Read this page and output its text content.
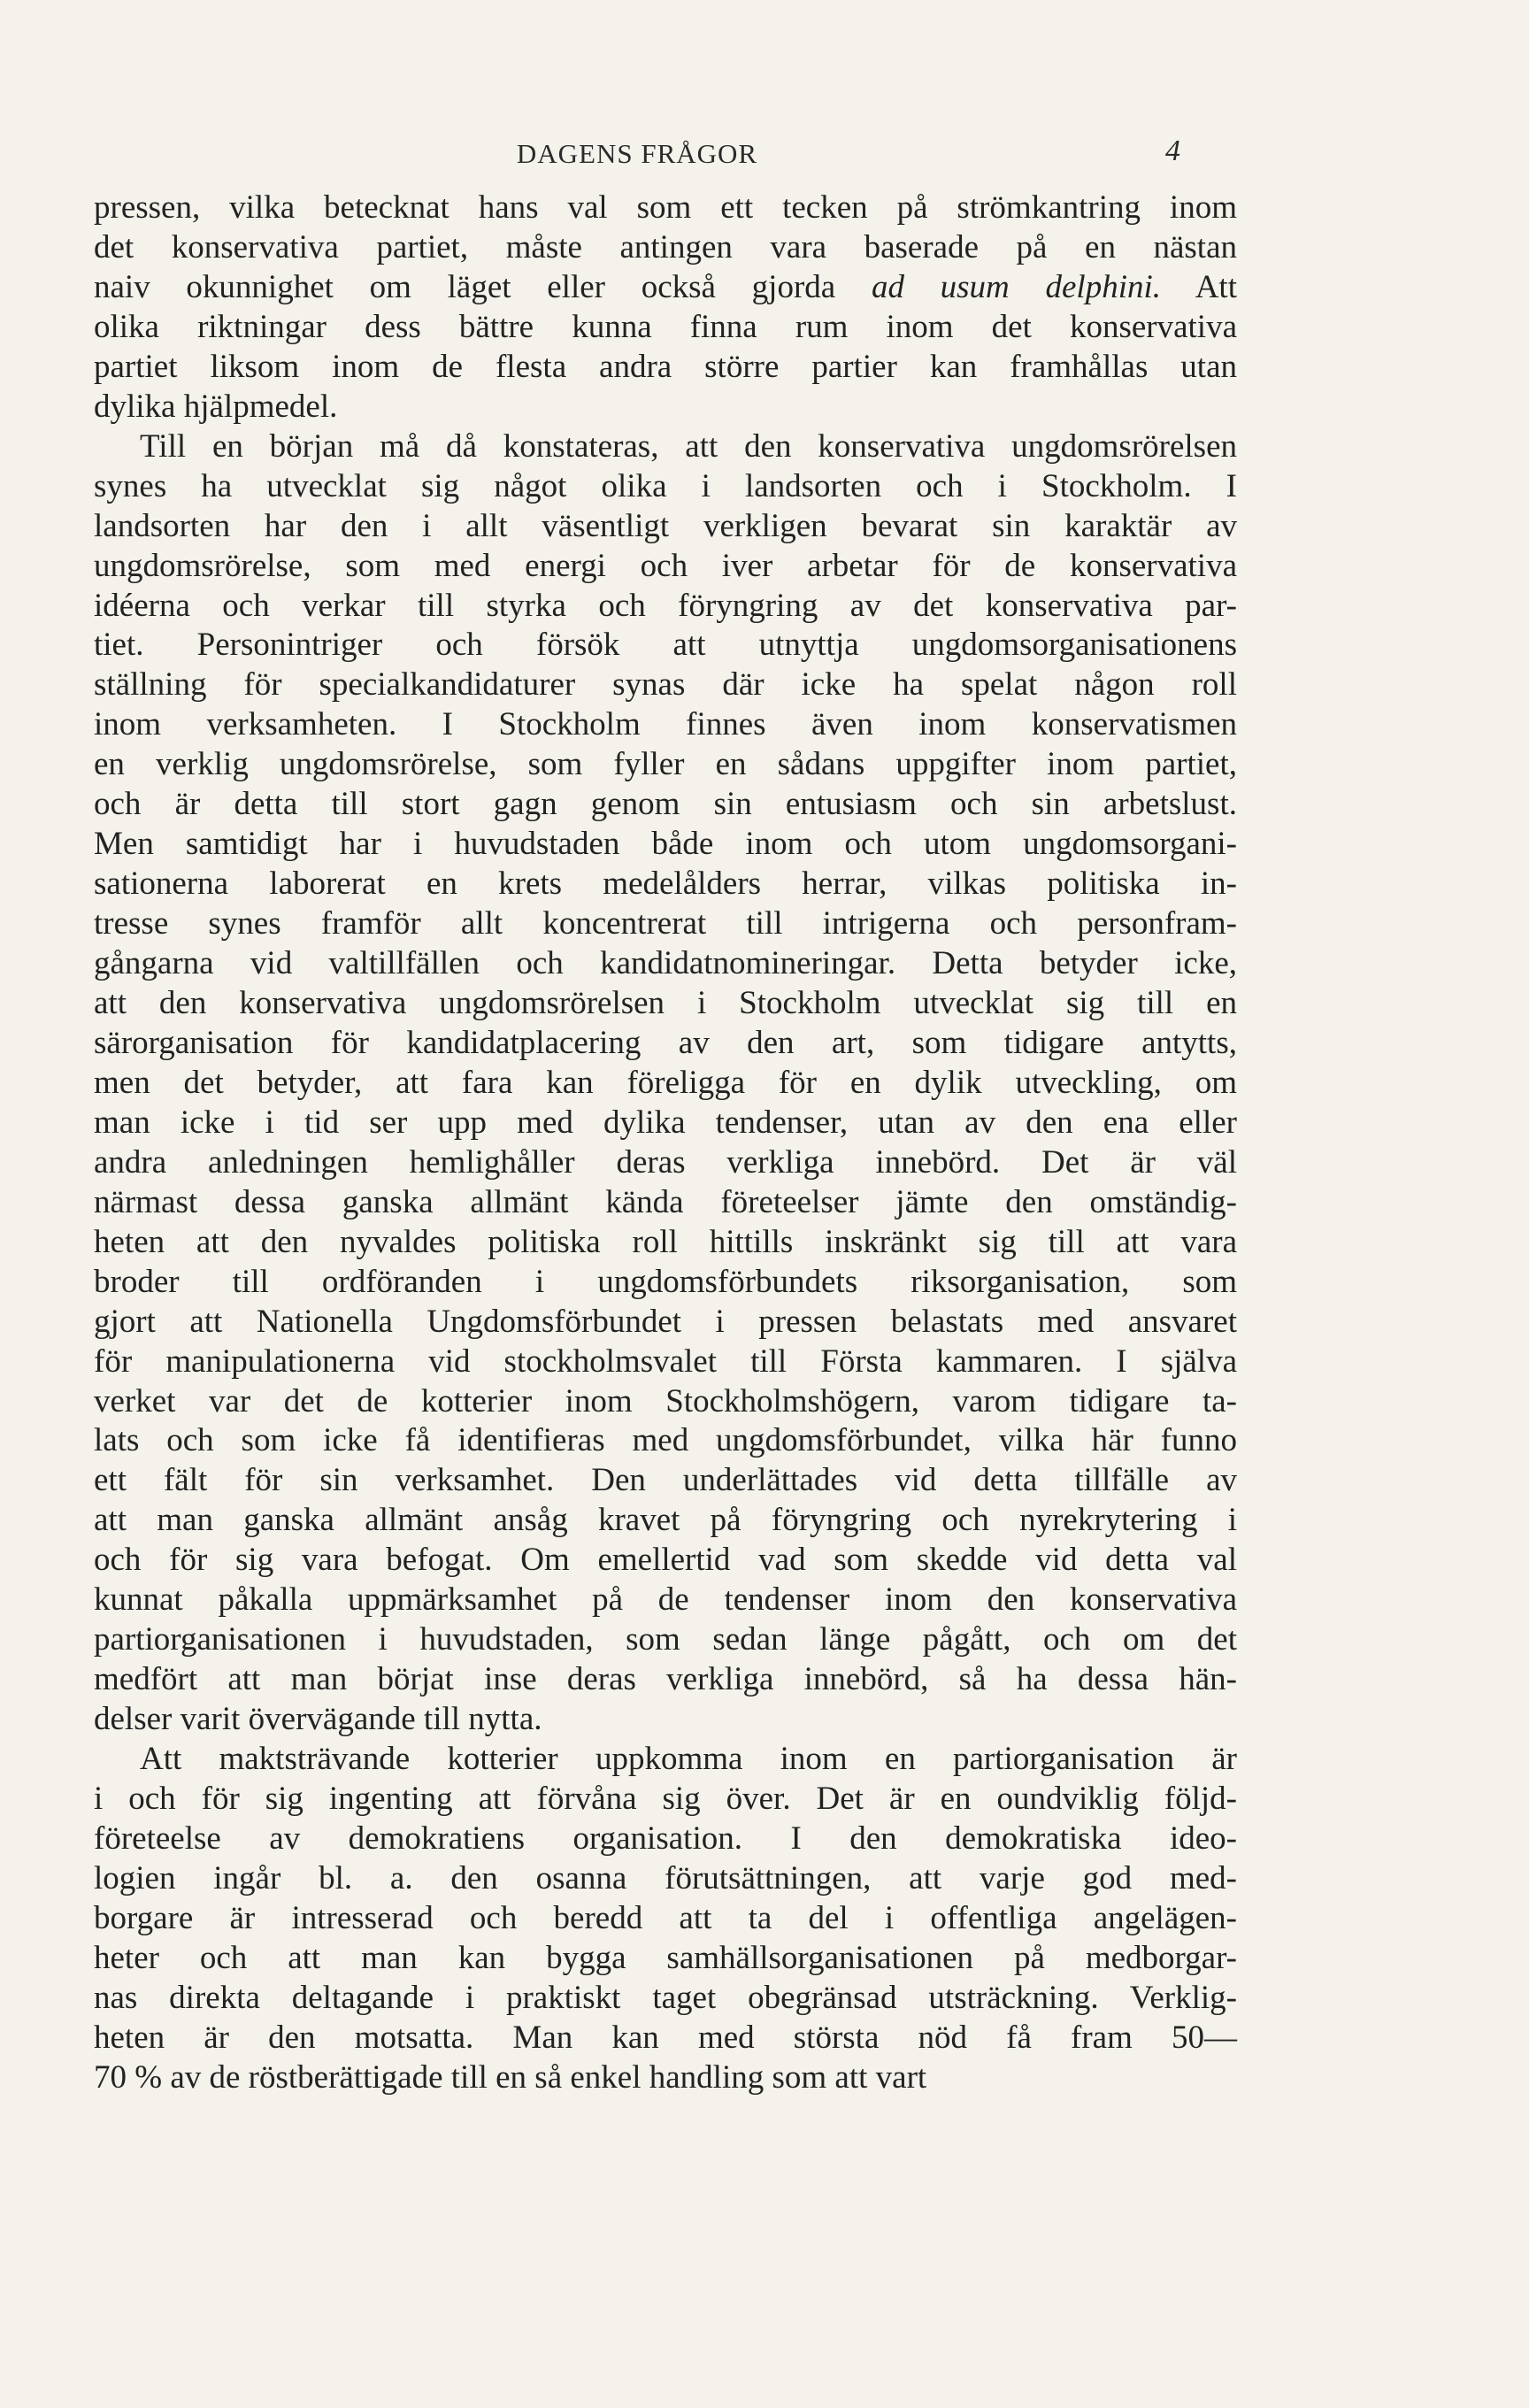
DAGENS FRÅGOR	4
pressen, vilka betecknat hans val som ett tecken på strömkantring inom
det konservativa partiet, måste antingen vara baserade på en nästan
naiv okunnighet om läget eller också gjorda ad usum delphini. Att
olika riktningar dess bättre kunna finna rum inom det konservativa
partiet liksom inom de flesta andra större partier kan framhållas utan
dylika hjälpmedel.
Till en början må då konstateras, att den konservativa ungdomsrörelsen
synes ha utvecklat sig något olika i landsorten och i Stockholm. I
landsorten har den i allt väsentligt verkligen bevarat sin karaktär av
ungdomsrörelse, som med energi och iver arbetar för de konservativa
idéerna och verkar till styrka och föryngring av det konservativa par-
tiet. Personintriger och försök att utnyttja ungdomsorganisationens
ställning för specialkandidaturer synas där icke ha spelat någon roll
inom verksamheten. I Stockholm finnes även inom konservatismen
en verklig ungdomsrörelse, som fyller en sådans uppgifter inom partiet,
och är detta till stort gagn genom sin entusiasm och sin arbetslust.
Men samtidigt har i huvudstaden både inom och utom ungdomsorgani-
sationerna laborerat en krets medelålders herrar, vilkas politiska in-
tresse synes framför allt koncentrerat till intrigerna och personfram-
gångarna vid valtillfällen och kandidatnomineringar. Detta betyder icke,
att den konservativa ungdomsrörelsen i Stockholm utvecklat sig till en
särorganisation för kandidatplacering av den art, som tidigare antytts,
men det betyder, att fara kan föreligga för en dylik utveckling, om
man icke i tid ser upp med dylika tendenser, utan av den ena eller
andra anledningen hemlighåller deras verkliga innebörd. Det är väl
närmast dessa ganska allmänt kända företeelser jämte den omständig-
heten att den nyvaldes politiska roll hittills inskränkt sig till att vara
broder till ordföranden i ungdomsförbundets riksorganisation, som
gjort att Nationella Ungdomsförbundet i pressen belastats med ansvaret
för manipulationerna vid stockholmsvalet till Första kammaren. I själva
verket var det de kotterier inom Stockholmshögern, varom tidigare ta-
lats och som icke få identifieras med ungdomsförbundet, vilka här funno
ett fält för sin verksamhet. Den underlättades vid detta tillfälle av
att man ganska allmänt ansåg kravet på föryngring och nyrekrytering i
och för sig vara befogat. Om emellertid vad som skedde vid detta val
kunnat påkalla uppmärksamhet på de tendenser inom den konservativa
partiorganisationen i huvudstaden, som sedan länge pågått, och om det
medfört att man börjat inse deras verkliga innebörd, så ha dessa hän-
delser varit övervägande till nytta.
Att maktsträvande kotterier uppkomma inom en partiorganisation är
i och för sig ingenting att förvåna sig över. Det är en oundviklig följd-
företeelse av demokratiens organisation. I den demokratiska ideo-
logien ingår bl. a. den osanna förutsättningen, att varje god med-
borgare är intresserad och beredd att ta del i offentliga angelägen-
heter och att man kan bygga samhällsorganisationen på medborgar-
nas direkta deltagande i praktiskt taget obegränsad utsträckning. Verklig-
heten är den motsatta. Man kan med största nöd få fram 50—
70 % av de röstberättigade till en så enkel handling som att vart
